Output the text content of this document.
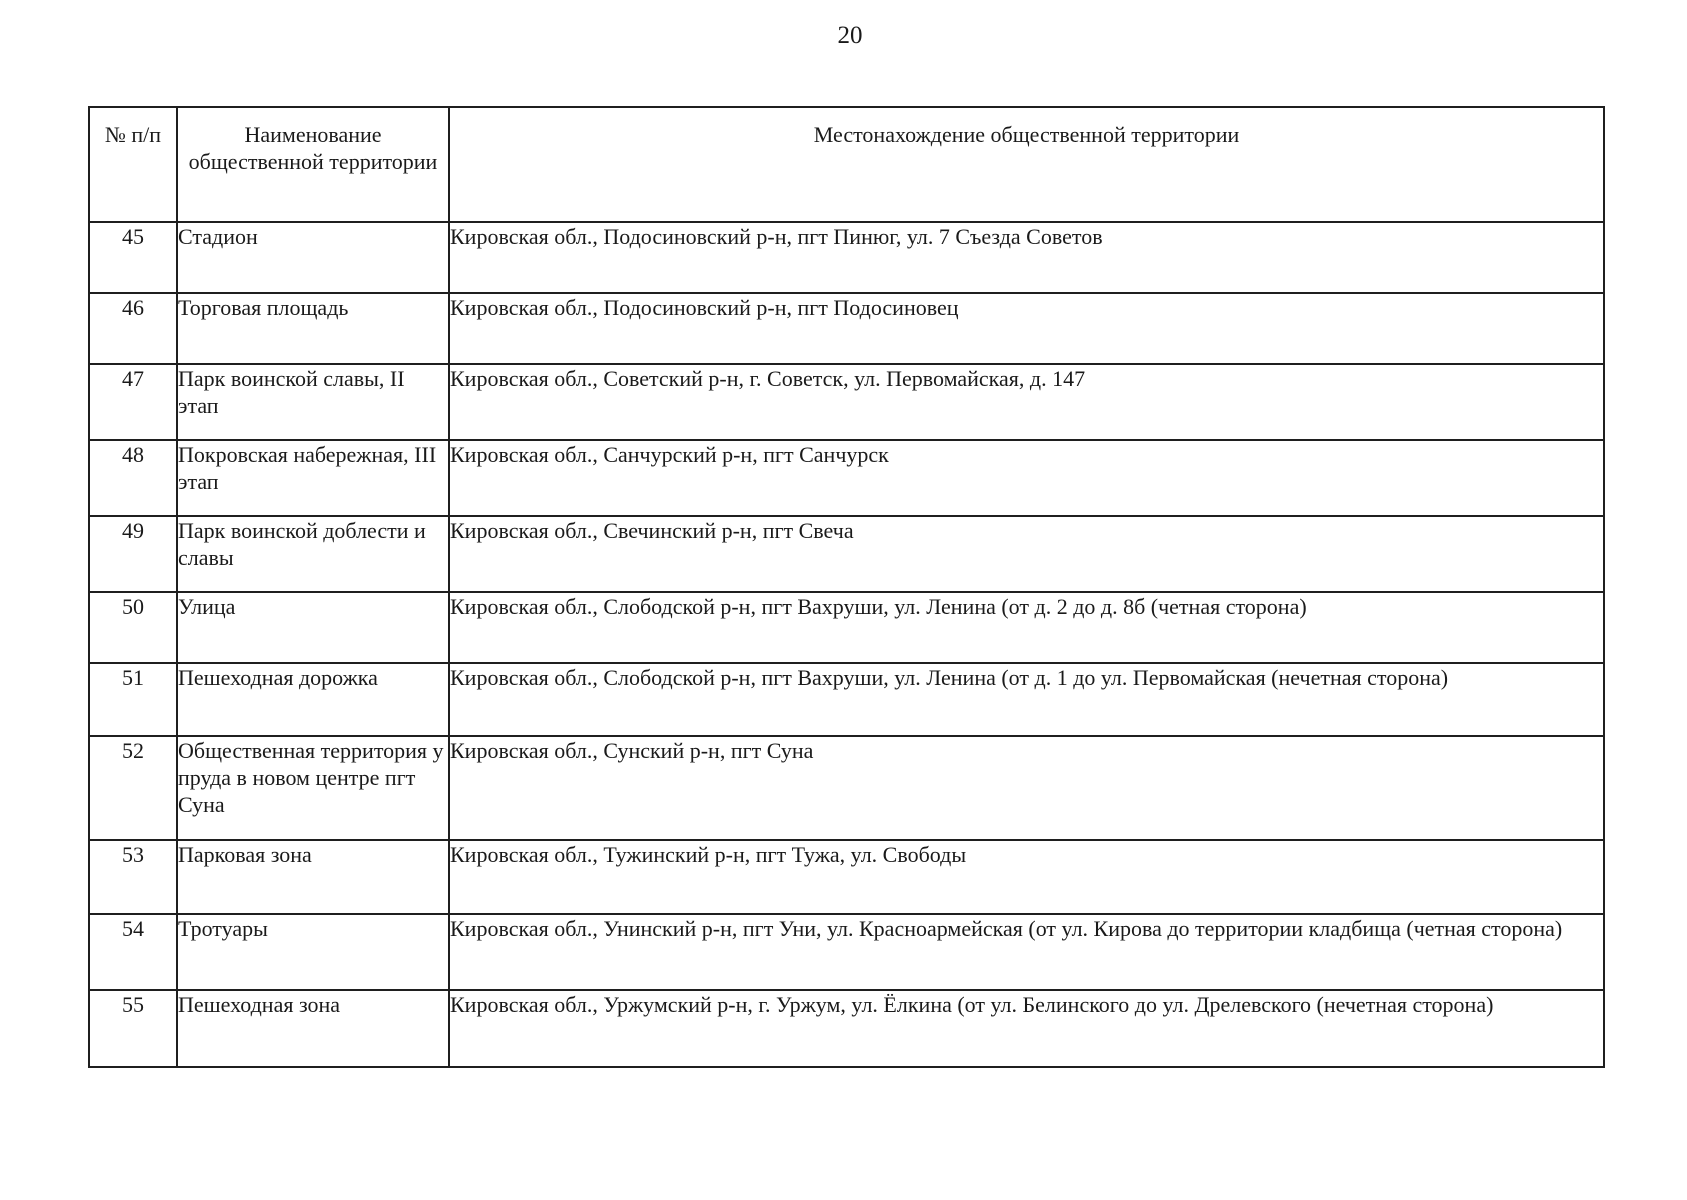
20
№ п/п	Наименование общественной территории	Местонахождение общественной территории
45	Стадион	Кировская обл., Подосиновский р-н, пгт Пинюг, ул. 7 Съезда Советов
46	Торговая площадь	Кировская обл., Подосиновский р-н, пгт Подосиновец
47	Парк воинской славы, II этап	Кировская обл., Советский р-н, г. Советск, ул. Первомайская, д. 147
48	Покровская набережная, III этап	Кировская обл., Санчурский р-н, пгт Санчурск
49	Парк воинской доблести и славы	Кировская обл., Свечинский р-н, пгт Свеча
50	Улица	Кировская обл., Слободской р-н, пгт Вахруши, ул. Ленина (от д. 2 до д. 8б (четная сторона)
51	Пешеходная дорожка	Кировская обл., Слободской р-н, пгт Вахруши, ул. Ленина (от д. 1 до ул. Первомайская (нечетная сторона)
52	Общественная территория у пруда в новом центре пгт Суна	Кировская обл., Сунский р-н, пгт Суна
53	Парковая зона	Кировская обл., Тужинский р-н, пгт Тужа, ул. Свободы
54	Тротуары	Кировская обл., Унинский р-н, пгт Уни, ул. Красноармейская (от ул. Кирова до территории кладбища (четная сторона)
55	Пешеходная зона	Кировская обл., Уржумский р-н, г. Уржум, ул. Ёлкина (от ул. Белинского до ул. Дрелевского (нечетная сторона)
